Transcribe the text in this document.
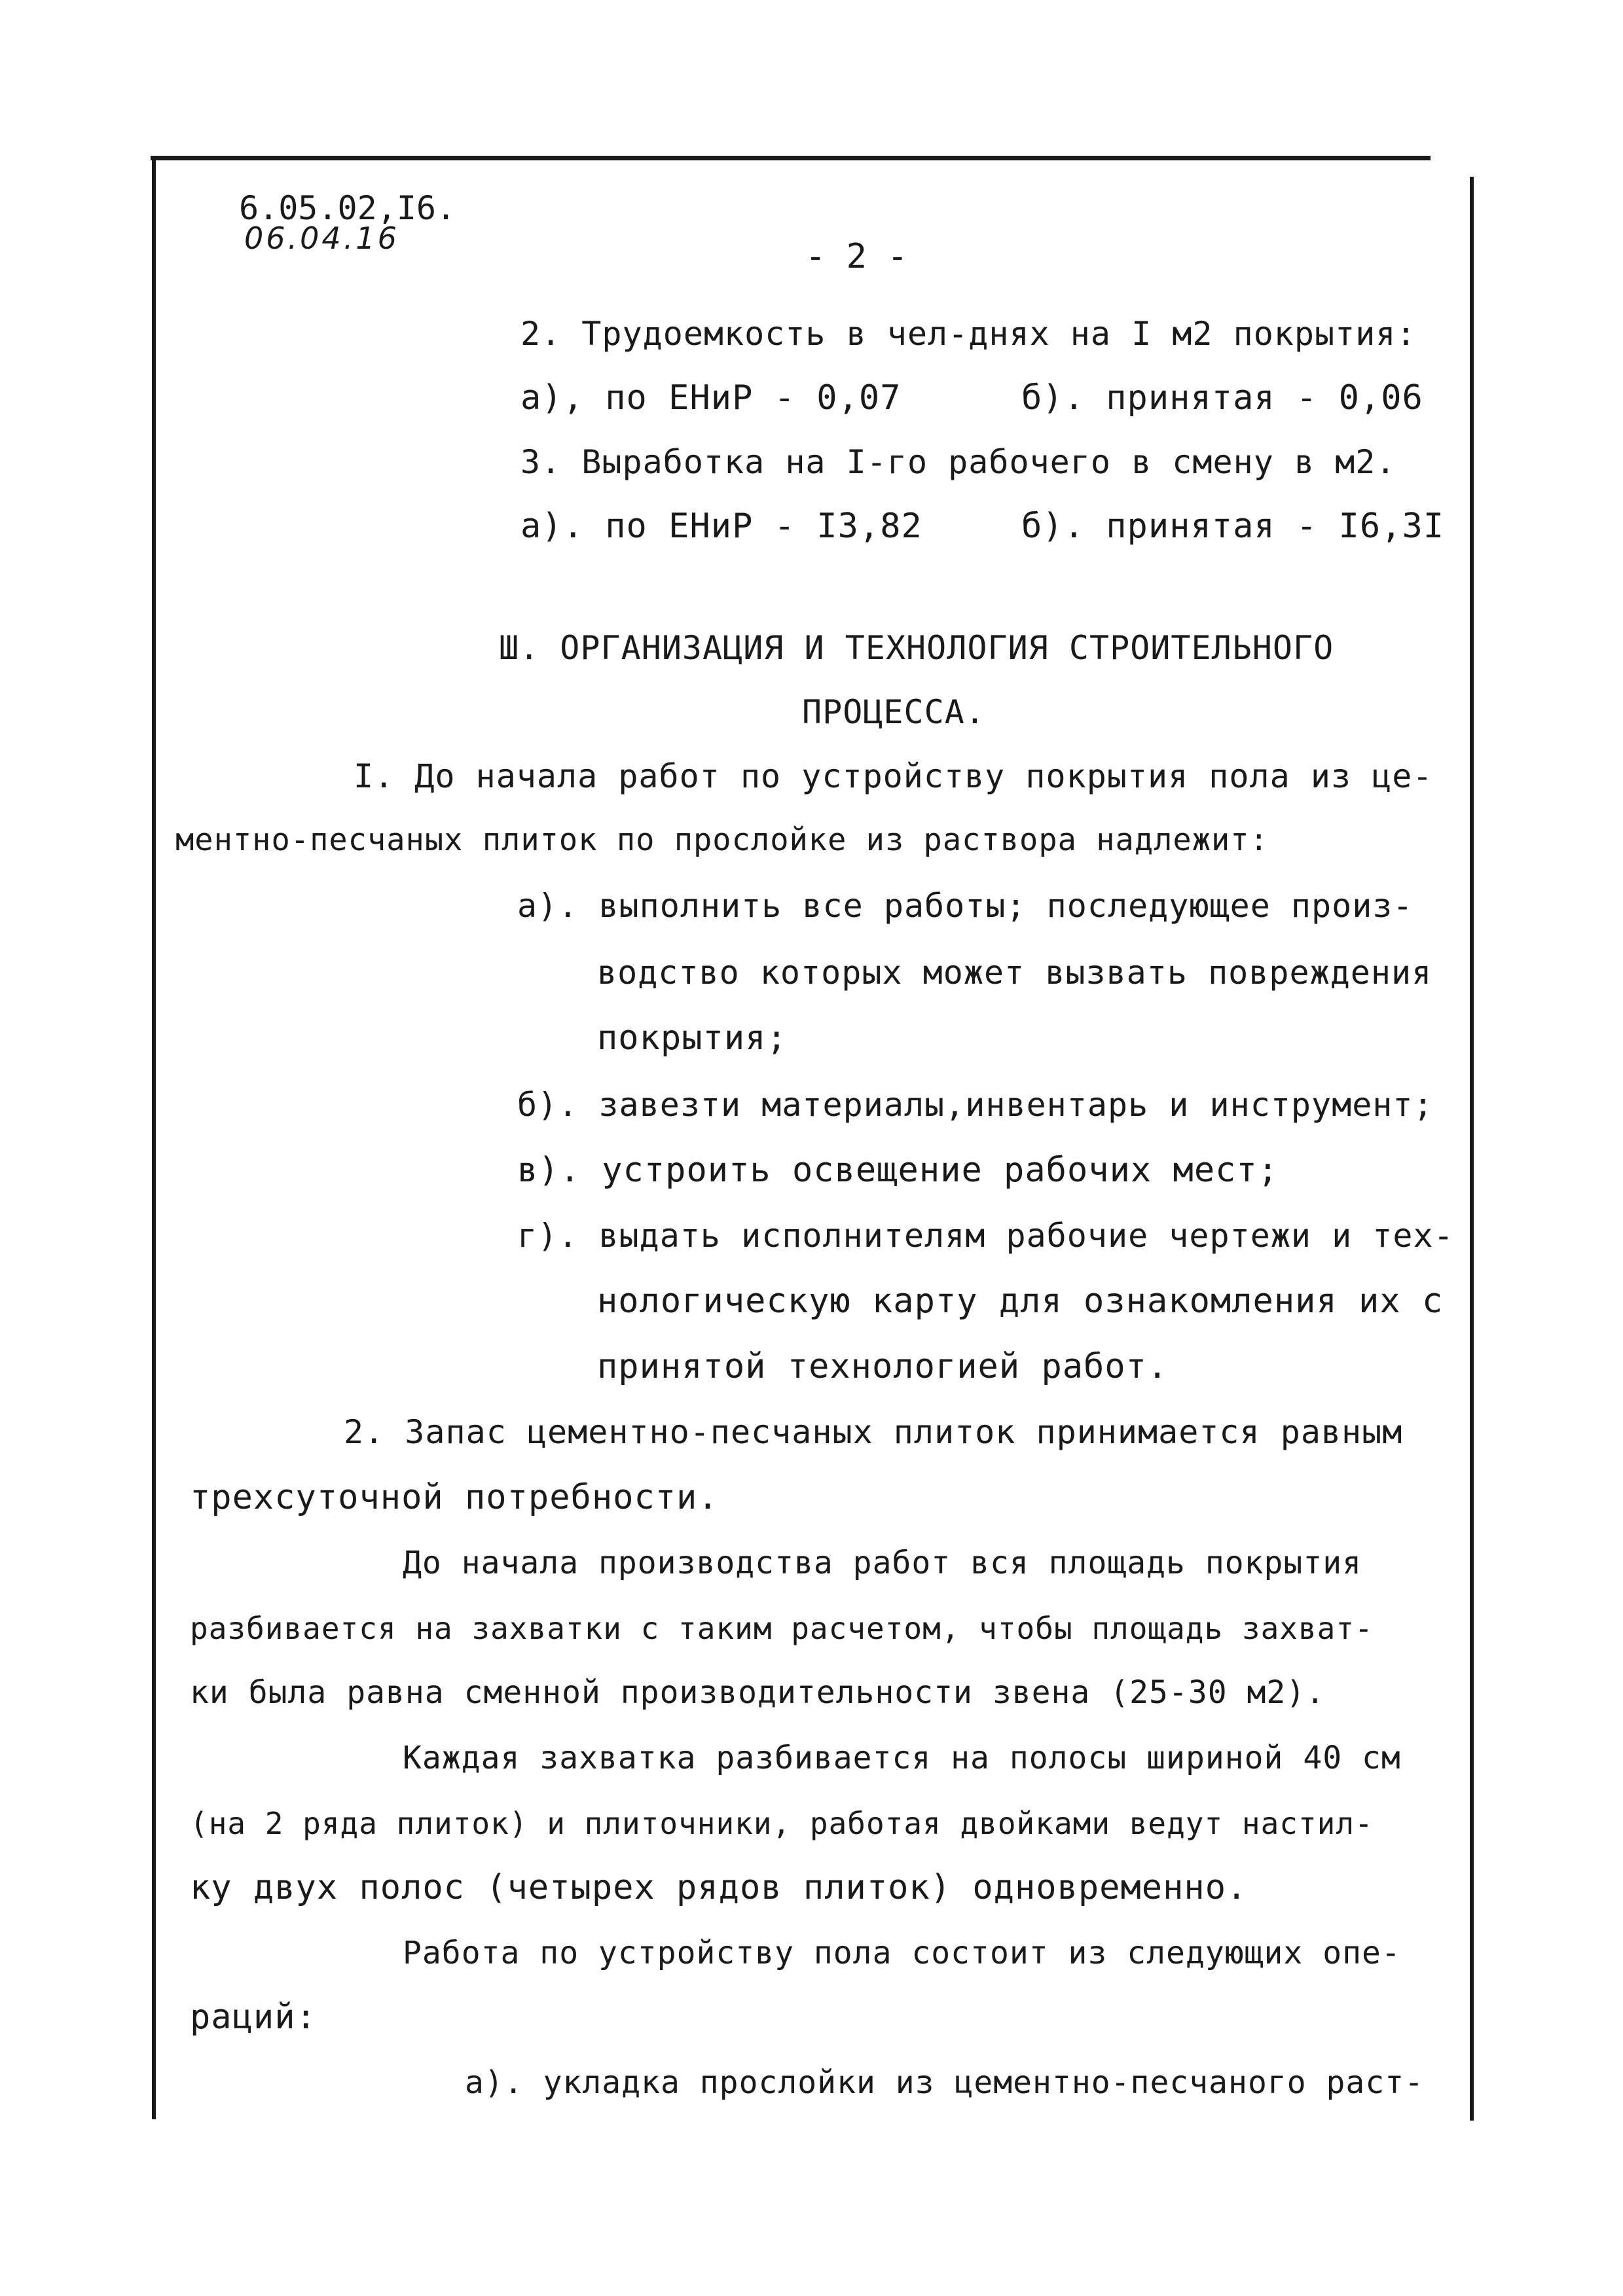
6.05.02,I6.
06.04.16	- 2 -
2. Трудоемкость в чел-днях на I м2 покрытия:
а), по ЕНиР - 0,07	б). принятая - 0,06
3. Выработка на I-го рабочего в смену в м2.
а). по ЕНиР - I3,82	б). принятая - I6,3I
Ш. ОРГАНИЗАЦИЯ И ТЕХНОЛОГИЯ СТРОИТЕЛЬНОГО
ПРОЦЕССА.
I. До начала работ по устройству покрытия пола из це-
ментно-песчаных плиток по прослойке из раствора надлежит:
а). выполнить все работы; последующее произ-
водство которых может вызвать повреждения
покрытия;
б). завезти материалы,инвентарь и инструмент;
в). устроить освещение рабочих мест;
г). выдать исполнителям рабочие чертежи и тех-
нологическую карту для ознакомления их с
принятой технологией работ.
2. Запас цементно-песчаных плиток принимается равным
трехсуточной потребности.
До начала производства работ вся площадь покрытия
разбивается на захватки с таким расчетом, чтобы площадь захват-
ки была равна сменной производительности звена (25-30 м2).
Каждая захватка разбивается на полосы шириной 40 см
(на 2 ряда плиток) и плиточники, работая двойками ведут настил-
ку двух полос (четырех рядов плиток) одновременно.
Работа по устройству пола состоит из следующих опе-
раций:
а). укладка прослойки из цементно-песчаного раст-
